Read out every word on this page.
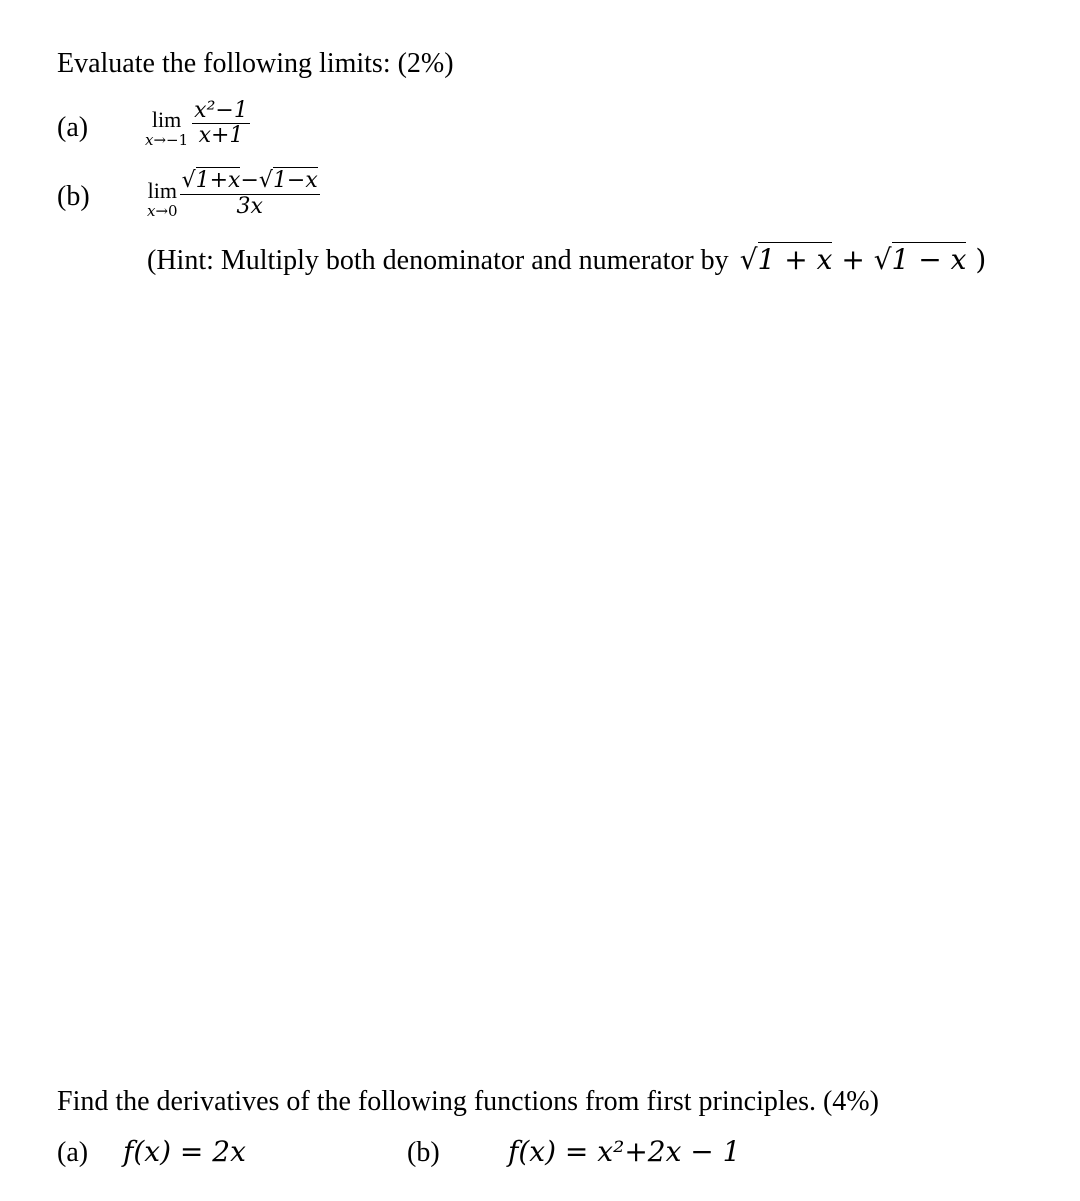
Evaluate the following limits: (2%)
(a)	lim
$x\to-1 \frac{\text{x²−1}}{x+1}$
(b)	lim
$x\to 0 \frac{√1+x-√1-x}{3x}$
(Hint: Multiply both denominator and numerator by √1 + x + √1 − x )
Find the derivatives of the following functions from first principles. (4%)
(a) f(x) = 2x	(b) f(x) = x²+2x − 1
